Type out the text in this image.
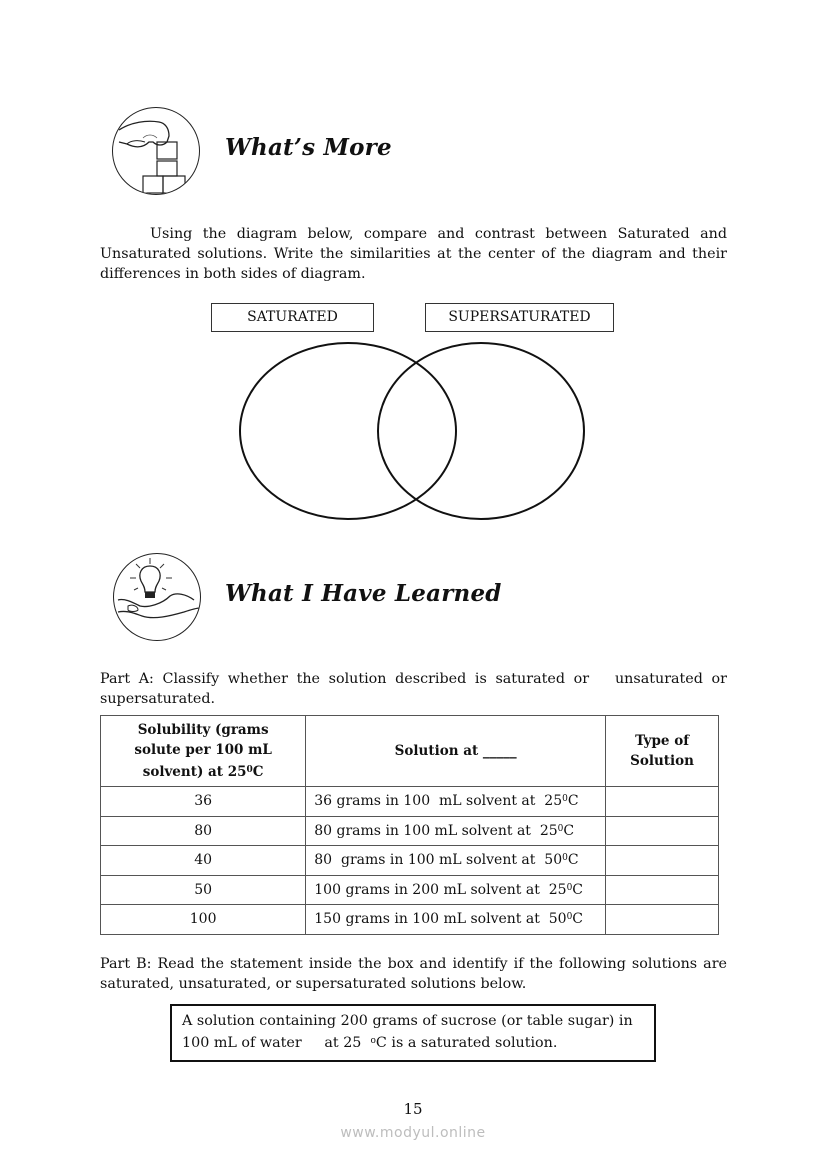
What’s More
Using the diagram below, compare and contrast between Saturated and Unsaturated solutions. Write the similarities at the center of the diagram and their differences in both sides of diagram.
SATURATED	SUPERSATURATED
What I Have Learned
Part A: Classify whether the solution described is saturated or   unsaturated or supersaturated.
Solubility (grams solute per 100 mL solvent) at $25^0C$	Solution at _____	Type of Solution
36	36 grams in 100  mL solvent at  $25^0C$	
80	80 grams in 100 mL solvent at  $25^0C$	
40	80  grams in 100 mL solvent at  $50^0C$	
50	100 grams in 200 mL solvent at  $25^0C$	
100	150 grams in 100 mL solvent at  $50^0C$	
Part B: Read the statement inside the box and identify if the following solutions are saturated, unsaturated, or supersaturated solutions below.
A solution containing 200 grams of sucrose (or table sugar) in
100 mL of water     at 25  $^o$C is a saturated solution.
15
www.modyul.online
